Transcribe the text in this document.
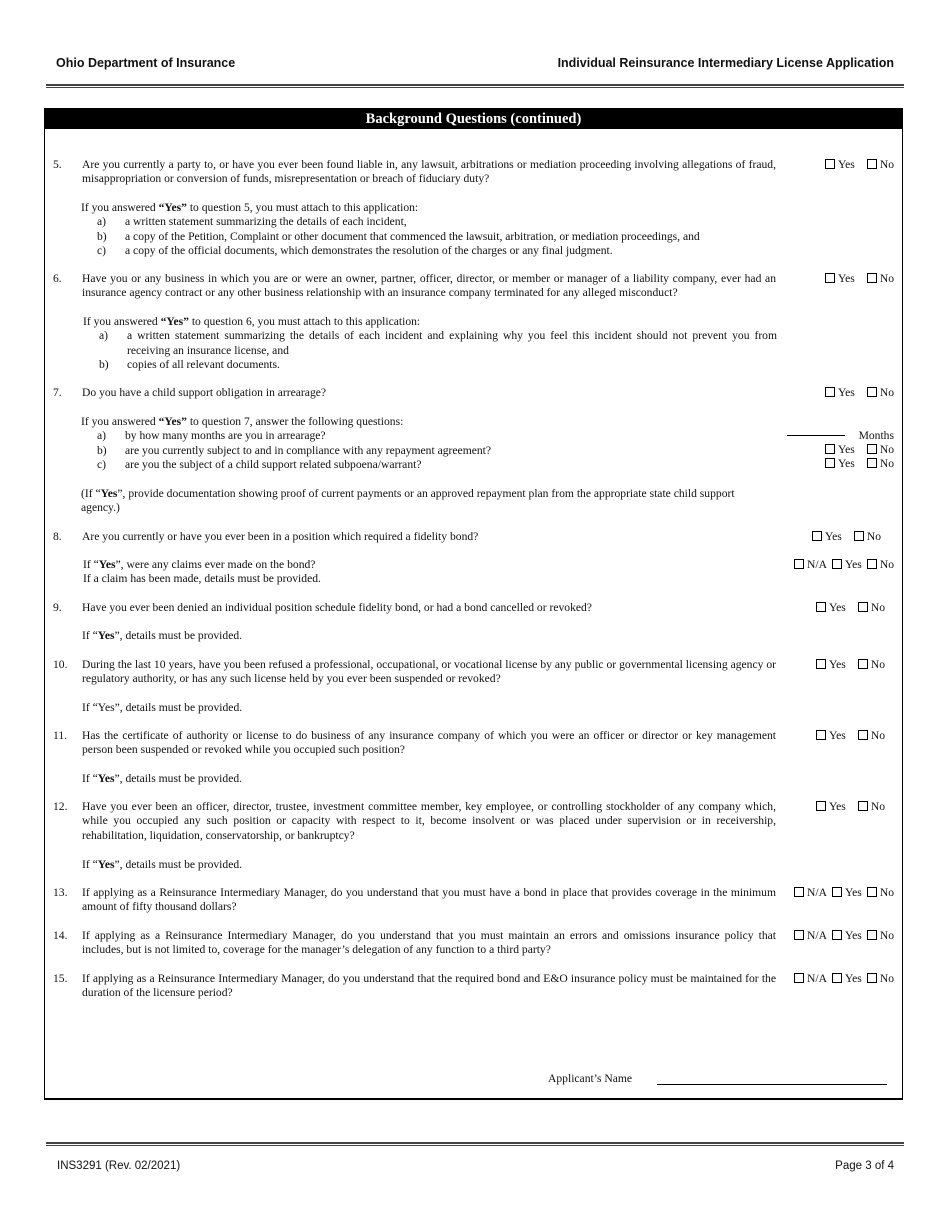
Ohio Department of Insurance	Individual Reinsurance Intermediary License Application
Background Questions (continued)
5. Are you currently a party to, or have you ever been found liable in, any lawsuit, arbitrations or mediation proceeding involving allegations of fraud, misappropriation or conversion of funds, misrepresentation or breach of fiduciary duty?
Yes No
If you answered “Yes” to question 5, you must attach to this application:
a) a written statement summarizing the details of each incident,
b) a copy of the Petition, Complaint or other document that commenced the lawsuit, arbitration, or mediation proceedings, and
c) a copy of the official documents, which demonstrates the resolution of the charges or any final judgment.
6. Have you or any business in which you are or were an owner, partner, officer, director, or member or manager of a liability company, ever had an insurance agency contract or any other business relationship with an insurance company terminated for any alleged misconduct?
Yes No
If you answered “Yes” to question 6, you must attach to this application:
a) a written statement summarizing the details of each incident and explaining why you feel this incident should not prevent you from receiving an insurance license, and
b) copies of all relevant documents.
7. Do you have a child support obligation in arrearage?	Yes No
If you answered “Yes” to question 7, answer the following questions:
a) by how many months are you in arrearage?
b) are you currently subject to and in compliance with any repayment agreement?
c) are you the subject of a child support related subpoena/warrant?
Months
Yes No
Yes No
(If “Yes”, provide documentation showing proof of current payments or an approved repayment plan from the appropriate state child support agency.)
8. Are you currently or have you ever been in a position which required a fidelity bond?	Yes No
If “Yes”, were any claims ever made on the bond?
If a claim has been made, details must be provided.
N/A Yes No
9. Have you ever been denied an individual position schedule fidelity bond, or had a bond cancelled or revoked?	Yes No
If “Yes”, details must be provided.
10. During the last 10 years, have you been refused a professional, occupational, or vocational license by any public or governmental licensing agency or regulatory authority, or has any such license held by you ever been suspended or revoked?
Yes No
If “Yes”, details must be provided.
11. Has the certificate of authority or license to do business of any insurance company of which you were an officer or director or key management person been suspended or revoked while you occupied such position?
Yes No
If “Yes”, details must be provided.
12. Have you ever been an officer, director, trustee, investment committee member, key employee, or controlling stockholder of any company which, while you occupied any such position or capacity with respect to it, become insolvent or was placed under supervision or in receivership, rehabilitation, liquidation, conservatorship, or bankruptcy?
Yes No
If “Yes”, details must be provided.
13. If applying as a Reinsurance Intermediary Manager, do you understand that you must have a bond in place that provides coverage in the minimum amount of fifty thousand dollars?
N/A Yes No
14. If applying as a Reinsurance Intermediary Manager, do you understand that you must maintain an errors and omissions insurance policy that includes, but is not limited to, coverage for the manager’s delegation of any function to a third party?
N/A Yes No
15. If applying as a Reinsurance Intermediary Manager, do you understand that the required bond and E&O insurance policy must be maintained for the duration of the licensure period?
N/A Yes No
Applicant’s Name
INS3291 (Rev. 02/2021)	Page 3 of 4
